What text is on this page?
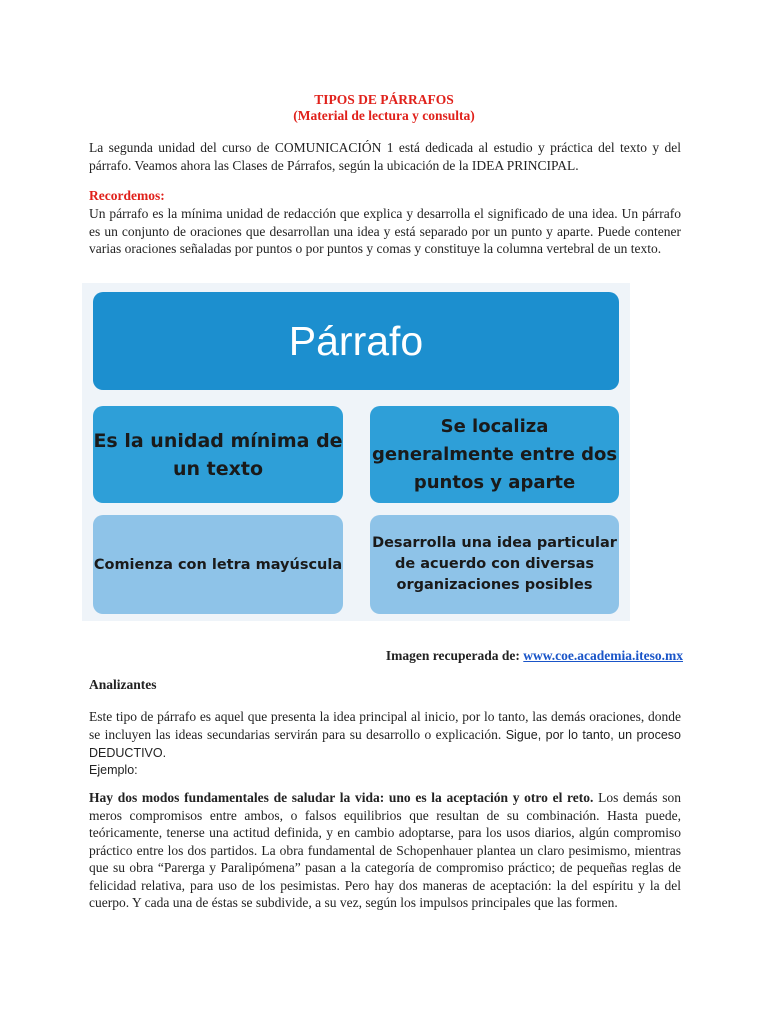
TIPOS DE PÁRRAFOS
(Material de lectura y consulta)
La segunda unidad del curso de COMUNICACIÓN 1 está dedicada al estudio y práctica del texto y del párrafo. Veamos ahora las Clases de Párrafos, según la ubicación de la IDEA PRINCIPAL.
Recordemos:
Un párrafo es la mínima unidad de redacción que explica y desarrolla el significado de una idea. Un párrafo es un conjunto de oraciones que desarrollan una idea y está separado por un punto y aparte. Puede contener varias oraciones señaladas por puntos o por puntos y comas y constituye la columna vertebral de un texto.
Párrafo
Es la unidad mínima de un texto
Se localiza generalmente entre dos puntos y aparte
Comienza con letra mayúscula
Desarrolla una idea particular de acuerdo con diversas organizaciones posibles
Imagen recuperada de: www.coe.academia.iteso.mx
Analizantes
Este tipo de párrafo es aquel que presenta la idea principal al inicio, por lo tanto, las demás oraciones, donde se incluyen las ideas secundarias servirán para su desarrollo o explicación. Sigue, por lo tanto, un proceso DEDUCTIVO.
Ejemplo:
Hay dos modos fundamentales de saludar la vida: uno es la aceptación y otro el reto. Los demás son meros compromisos entre ambos, o falsos equilibrios que resultan de su combinación. Hasta puede, teóricamente, tenerse una actitud definida, y en cambio adoptarse, para los usos diarios, algún compromiso práctico entre los dos partidos. La obra fundamental de Schopenhauer plantea un claro pesimismo, mientras que su obra “Parerga y Paralipómena” pasan a la categoría de compromiso práctico; de pequeñas reglas de felicidad relativa, para uso de los pesimistas. Pero hay dos maneras de aceptación: la del espíritu y la del cuerpo. Y cada una de éstas se subdivide, a su vez, según los impulsos principales que las formen.
